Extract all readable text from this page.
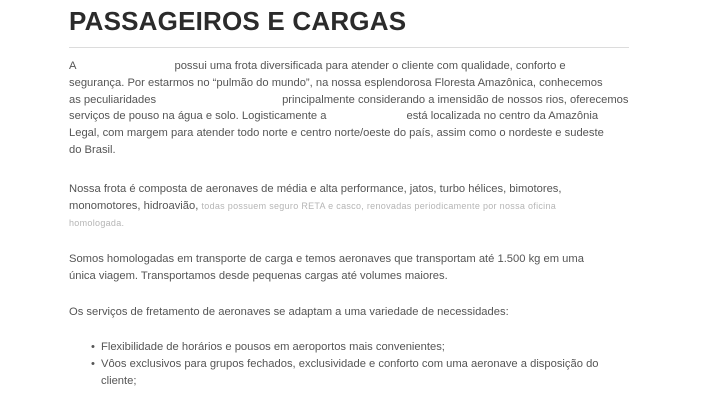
PASSAGEIROS E CARGAS
A	possui uma frota diversificada para atender o cliente com qualidade, conforto e
segurança. Por estarmos no “pulmão do mundo”, na nossa esplendorosa Floresta Amazônica, conhecemos
as peculiaridades	principalmente considerando a imensidão de nossos rios, oferecemos
serviços de pouso na água e solo. Logisticamente a	está localizada no centro da Amazônia
Legal, com margem para atender todo norte e centro norte/oeste do país, assim como o nordeste e sudeste
do Brasil.
Nossa frota é composta de aeronaves de média e alta performance, jatos, turbo hélices, bimotores,
monomotores, hidroavião, todas possuem seguro RETA e casco, renovadas periodicamente por nossa oficina
homologada.
Somos homologadas em transporte de carga e temos aeronaves que transportam até 1.500 kg em uma
única viagem. Transportamos desde pequenas cargas até volumes maiores.
Os serviços de fretamento de aeronaves se adaptam a uma variedade de necessidades:
• Flexibilidade de horários e pousos em aeroportos mais convenientes;
• Vôos exclusivos para grupos fechados, exclusividade e conforto com uma aeronave a disposição do
cliente;
